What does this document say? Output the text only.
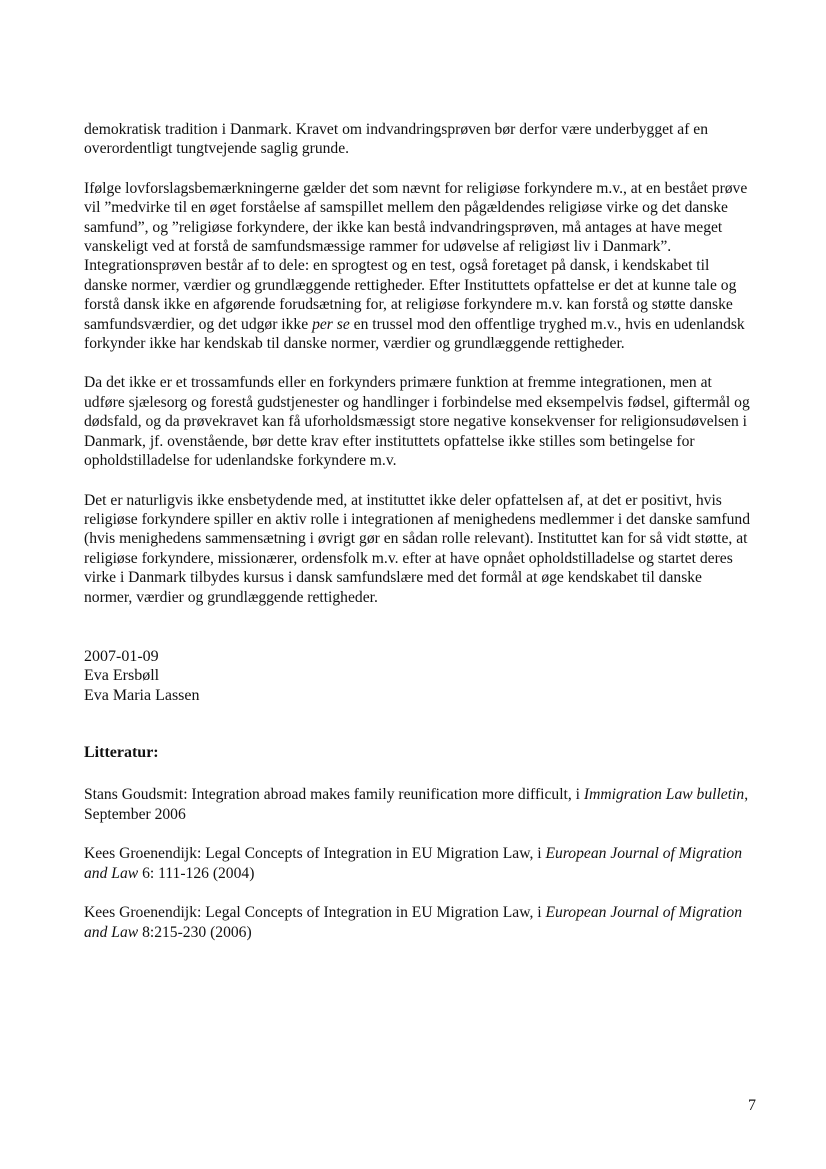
demokratisk tradition i Danmark. Kravet om indvandringsprøven bør derfor være underbygget af en overordentligt tungtvejende saglig grunde.

Ifølge lovforslagsbemærkningerne gælder det som nævnt for religiøse forkyndere m.v., at en bestået prøve vil ”medvirke til en øget forståelse af samspillet mellem den pågældendes religiøse virke og det danske samfund”, og ”religiøse forkyndere, der ikke kan bestå indvandringsprøven, må antages at have meget vanskeligt ved at forstå de samfundsmæssige rammer for udøvelse af religiøst liv i Danmark”. Integrationsprøven består af to dele: en sprogtest og en test, også foretaget på dansk, i kendskabet til danske normer, værdier og grundlæggende rettigheder. Efter Instituttets opfattelse er det at kunne tale og forstå dansk ikke en afgørende forudsætning for, at religiøse forkyndere m.v. kan forstå og støtte danske samfundsværdier, og det udgør ikke per se en trussel mod den offentlige tryghed m.v., hvis en udenlandsk forkynder ikke har kendskab til danske normer, værdier og grundlæggende rettigheder.

Da det ikke er et trossamfunds eller en forkynders primære funktion at fremme integrationen, men at udføre sjælesorg og forestå gudstjenester og handlinger i forbindelse med eksempelvis fødsel, giftermål og dødsfald, og da prøvekravet kan få uforholdsmæssigt store negative konsekvenser for religionsudøvelsen i Danmark, jf. ovenstående, bør dette krav efter instituttets opfattelse ikke stilles som betingelse for opholdstilladelse for udenlandske forkyndere m.v.

Det er naturligvis ikke ensbetydende med, at instituttet ikke deler opfattelsen af, at det er positivt, hvis religiøse forkyndere spiller en aktiv rolle i integrationen af menighedens medlemmer i det danske samfund (hvis menighedens sammensætning i øvrigt gør en sådan rolle relevant). Instituttet kan for så vidt støtte, at religiøse forkyndere, missionærer, ordensfolk m.v. efter at have opnået opholdstilladelse og startet deres virke i Danmark tilbydes kursus i dansk samfundslære med det formål at øge kendskabet til danske normer, værdier og grundlæggende rettigheder.

2007-01-09
Eva Ersbøll
Eva Maria Lassen
Litteratur:

Stans Goudsmit: Integration abroad makes family reunification more difficult, i Immigration Law bulletin, September 2006

Kees Groenendijk: Legal Concepts of Integration in EU Migration Law, i European Journal of Migration and Law 6: 111-126 (2004)

Kees Groenendijk: Legal Concepts of Integration in EU Migration Law, i European Journal of Migration and Law 8:215-230 (2006)

7
